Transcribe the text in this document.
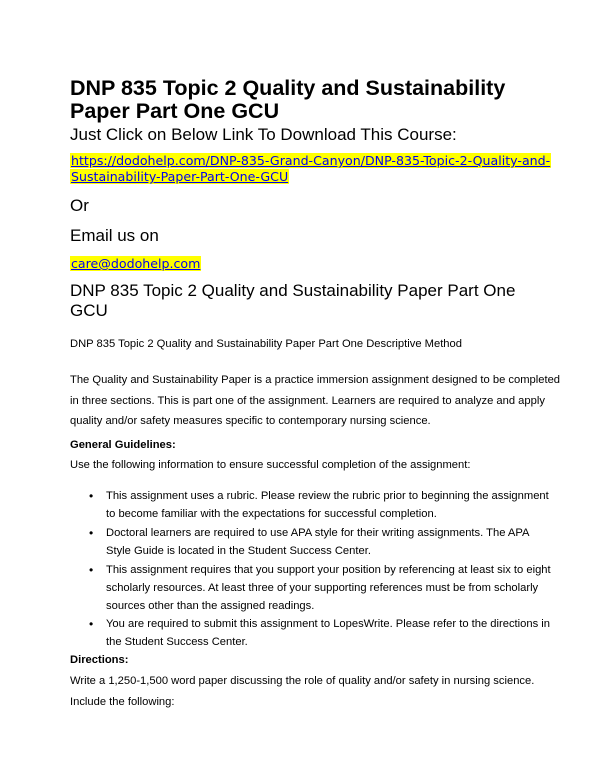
DNP 835 Topic 2 Quality and Sustainability
Paper Part One GCU
Just Click on Below Link To Download This Course:
https://dodohelp.com/DNP-835-Grand-Canyon/DNP-835-Topic-2-Quality-and-
Sustainability-Paper-Part-One-GCU
Or
Email us on
care@dodohelp.com
DNP 835 Topic 2 Quality and Sustainability Paper Part One
GCU
DNP 835 Topic 2 Quality and Sustainability Paper Part One Descriptive Method
The Quality and Sustainability Paper is a practice immersion assignment designed to be completed
in three sections. This is part one of the assignment. Learners are required to analyze and apply
quality and/or safety measures specific to contemporary nursing science.
General Guidelines:
Use the following information to ensure successful completion of the assignment:
• This assignment uses a rubric. Please review the rubric prior to beginning the assignment
to become familiar with the expectations for successful completion.
• Doctoral learners are required to use APA style for their writing assignments. The APA
Style Guide is located in the Student Success Center.
• This assignment requires that you support your position by referencing at least six to eight
scholarly resources. At least three of your supporting references must be from scholarly
sources other than the assigned readings.
• You are required to submit this assignment to LopesWrite. Please refer to the directions in
the Student Success Center.
Directions:
Write a 1,250-1,500 word paper discussing the role of quality and/or safety in nursing science.
Include the following:
